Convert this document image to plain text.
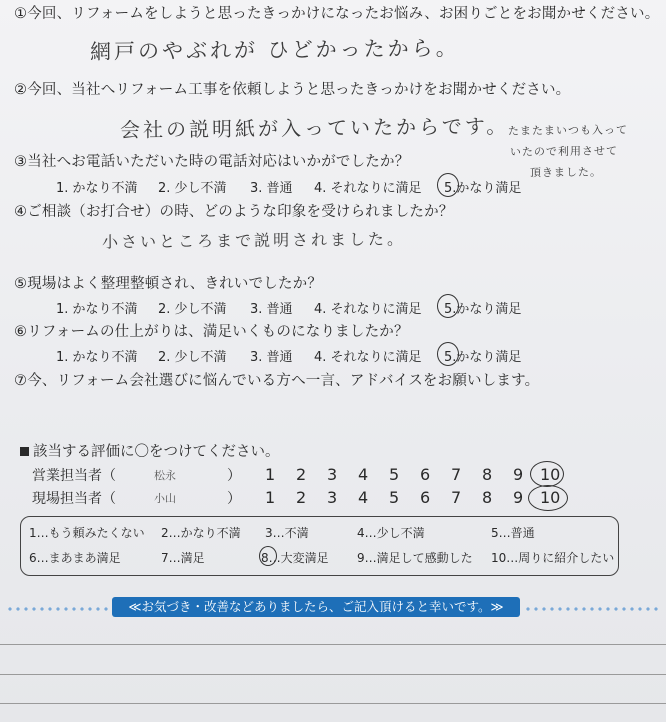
①今回、リフォームをしようと思ったきっかけになったお悩み、お困りごとをお聞かせください。
網戸のやぶれが ひどかったから。
②今回、当社へリフォーム工事を依頼しようと思ったきっかけをお聞かせください。
会社の説明紙が入っていたからです。
たまたまいつも入って
いたので利用させて
頂きました。
③当社へお電話いただいた時の電話対応はいかがでしたか？
1. かなり不満 2. 少し不満 3. 普通 4. それなりに満足 5.かなり満足
④ご相談（お打合せ）の時、どのような印象を受けられましたか？
小さいところまで説明されました。
⑤現場はよく整理整頓され、きれいでしたか？
1. かなり不満 2. 少し不満 3. 普通 4. それなりに満足 5.かなり満足
⑥リフォームの仕上がりは、満足いくものになりましたか？
1. かなり不満 2. 少し不満 3. 普通 4. それなりに満足 5.かなり満足
⑦今、リフォーム会社選びに悩んでいる方へ一言、アドバイスをお願いします。
該当する評価に〇をつけてください。
営業担当者（	松永	） 1 2 3 4 5 6 7 8 9 10
現場担当者（	小山	） 1 2 3 4 5 6 7 8 9 10
1…もう頼みたくない 2…かなり不満 3…不満	4…少し不満	5…普通
6…まあまあ満足	7…満足	8…大変満足 9…満足して感動した 10…周りに紹介したい
≪お気づき・改善などありましたら、ご記入頂けると幸いです。≫
